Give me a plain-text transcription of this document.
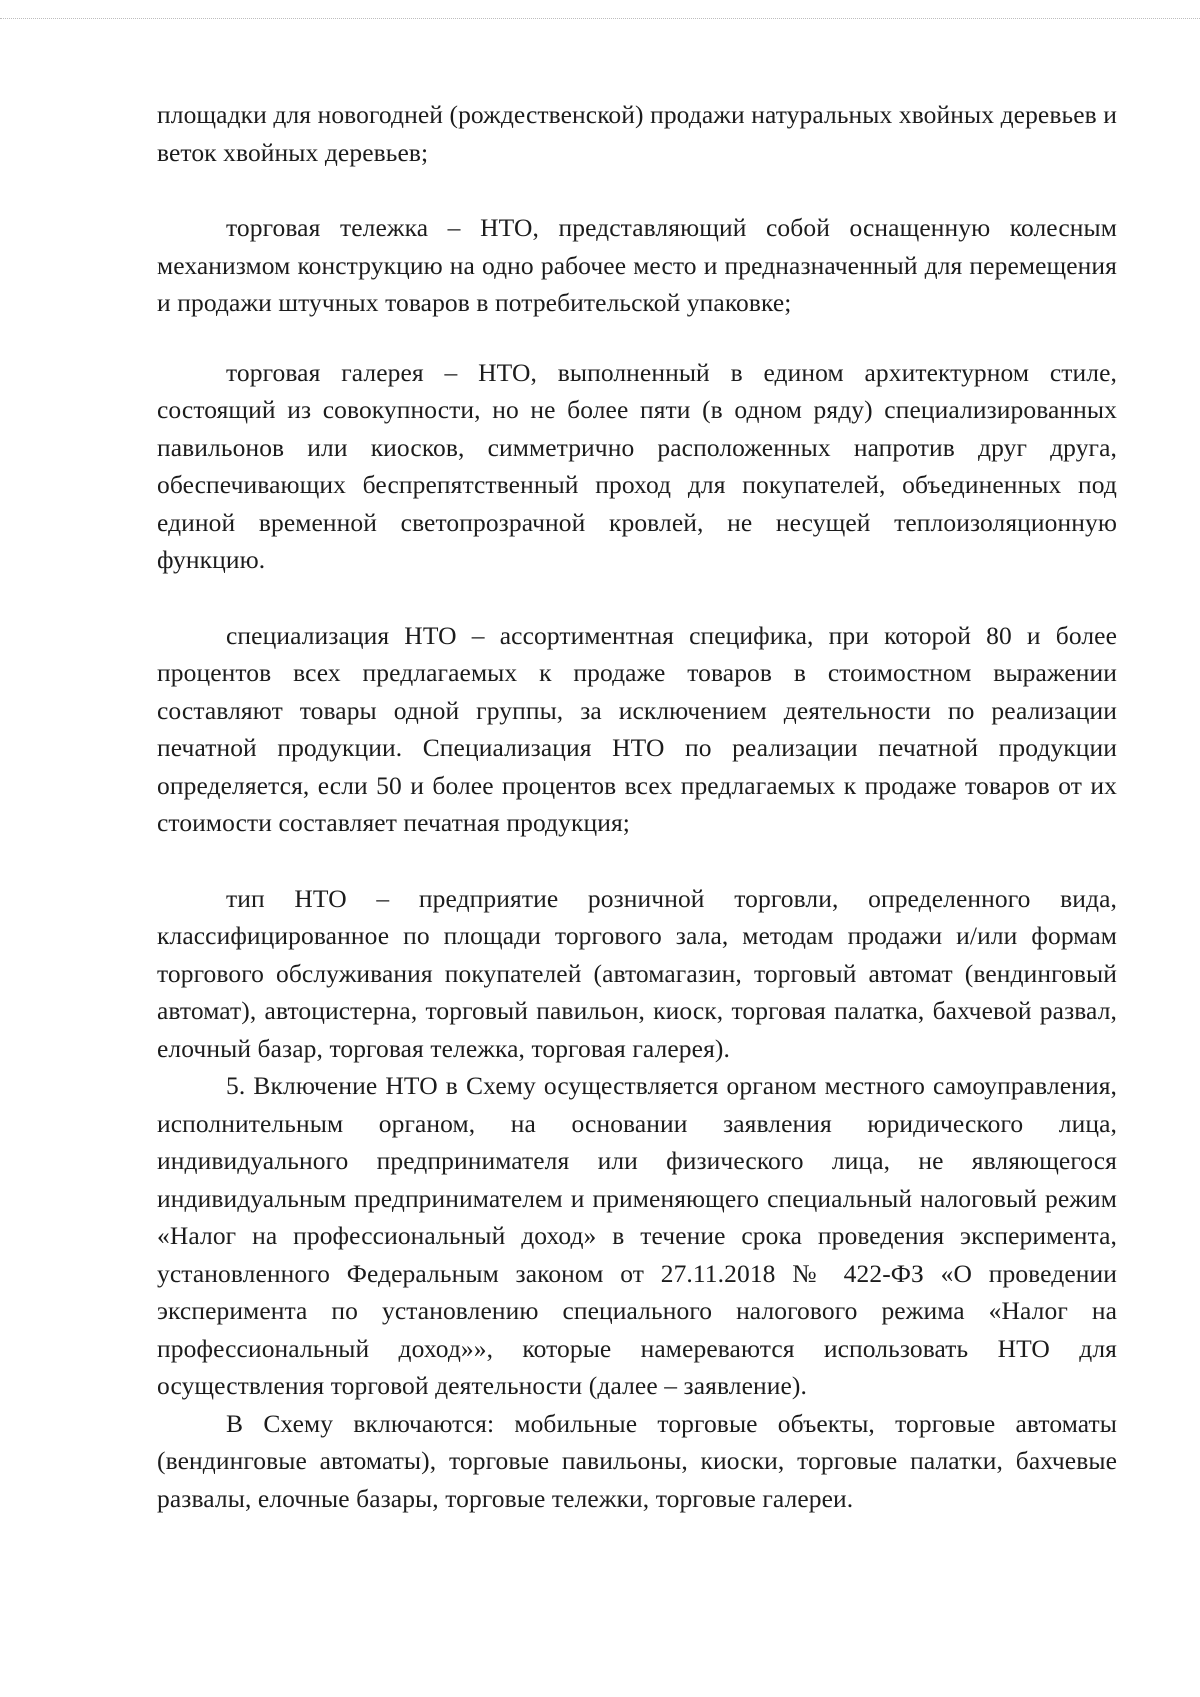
площадки для новогодней (рождественской) продажи натуральных хвойных деревьев и веток хвойных деревьев;

торговая тележка – НТО, представляющий собой оснащенную колесным механизмом конструкцию на одно рабочее место и предназначенный для перемещения и продажи штучных товаров в потребительской упаковке;

торговая галерея – НТО, выполненный в едином архитектурном стиле, состоящий из совокупности, но не более пяти (в одном ряду) специализированных павильонов или киосков, симметрично расположенных напротив друг друга, обеспечивающих беспрепятственный проход для покупателей, объединенных под единой временной светопрозрачной кровлей, не несущей теплоизоляционную функцию.

специализация НТО – ассортиментная специфика, при которой 80 и более процентов всех предлагаемых к продаже товаров в стоимостном выражении составляют товары одной группы, за исключением деятельности по реализации печатной продукции. Специализация НТО по реализации печатной продукции определяется, если 50 и более процентов всех предлагаемых к продаже товаров от их стоимости составляет печатная продукция;

тип НТО – предприятие розничной торговли, определенного вида, классифицированное по площади торгового зала, методам продажи и/или формам торгового обслуживания покупателей (автомагазин, торговый автомат (вендинговый автомат), автоцистерна, торговый павильон, киоск, торговая палатка, бахчевой развал, елочный базар, торговая тележка, торговая галерея).

5. Включение НТО в Схему осуществляется органом местного самоуправления, исполнительным органом, на основании заявления юридического лица, индивидуального предпринимателя или физического лица, не являющегося индивидуальным предпринимателем и применяющего специальный налоговый режим «Налог на профессиональный доход» в течение срока проведения эксперимента, установленного Федеральным законом от 27.11.2018 № 422-ФЗ «О проведении эксперимента по установлению специального налогового режима «Налог на профессиональный доход»», которые намереваются использовать НТО для осуществления торговой деятельности (далее – заявление).

В Схему включаются: мобильные торговые объекты, торговые автоматы (вендинговые автоматы), торговые павильоны, киоски, торговые палатки, бахчевые развалы, елочные базары, торговые тележки, торговые галереи.
